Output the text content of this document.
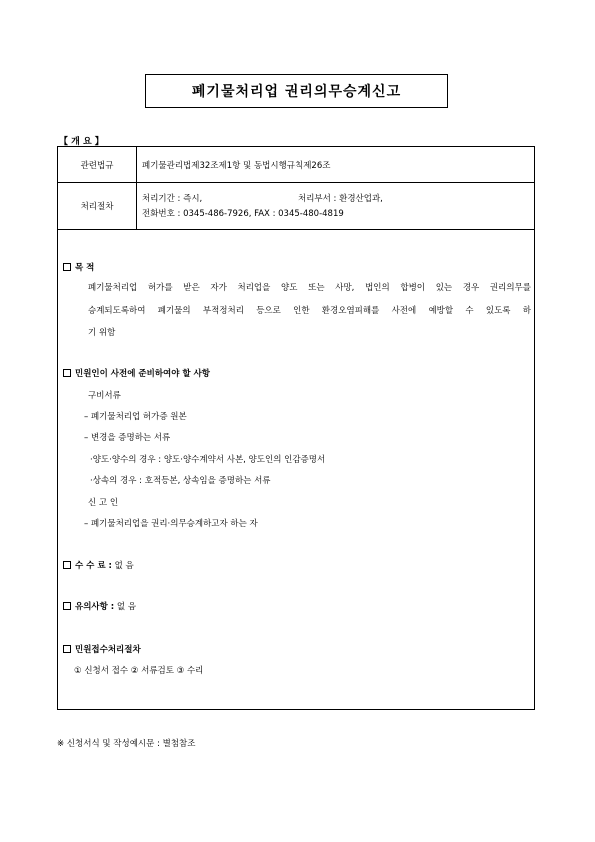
폐기물처리업 권리의무승계신고
【 개 요 】
관련법규	폐기물관리법제32조제1항 및 동법시행규칙제26조
처리절차
처리기간 : 즉시,	처리부서 : 환경산업과,
전화번호 : 0345-486-7926, FAX : 0345-480-4819
목 적
폐기물처리업 허가를 받은 자가 처리업을 양도 또는 사망, 법인의 합병이 있는 경우 권리의무를
승계되도록하여 폐기물의 부적정처리 등으로 인한 환경오염피해를 사전에 예방할 수 있도록 하
기 위함
민원인이 사전에 준비하여야 할 사항
구비서류
– 폐기물처리업 허가증 원본
– 변경을 증명하는 서류
·양도·양수의 경우 : 양도·양수계약서 사본, 양도인의 인감증명서
·상속의 경우 : 호적등본, 상속임을 증명하는 서류
신 고 인
– 폐기물처리업을 권리·의무승계하고자 하는 자
수 수 료 : 없 음
유의사항 : 없 음
민원접수처리절차
① 신청서 접수 ② 서류검토 ③ 수리
※ 신청서식 및 작성예시문 : 별첨참조
